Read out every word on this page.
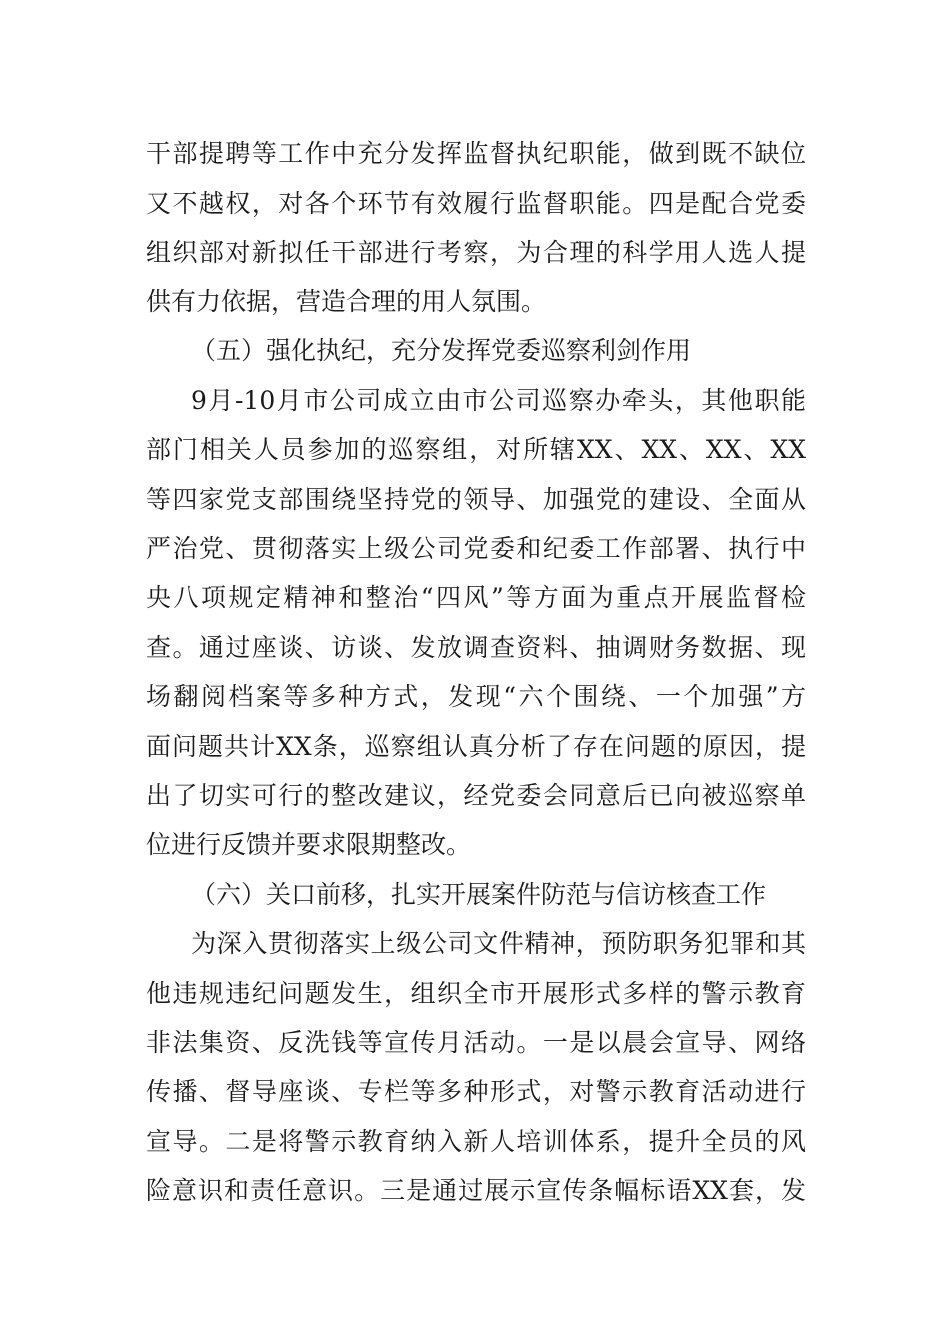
干部提聘等工作中充分发挥监督执纪职能，做到既不缺位
又不越权，对各个环节有效履行监督职能。四是配合党委
组织部对新拟任干部进行考察，为合理的科学用人选人提
供有力依据，营造合理的用人氛围。
（五）强化执纪，充分发挥党委巡察利剑作用
9月-10月市公司成立由市公司巡察办牵头，其他职能
部门相关人员参加的巡察组，对所辖XX、XX、XX、XX
等四家党支部围绕坚持党的领导、加强党的建设、全面从
严治党、贯彻落实上级公司党委和纪委工作部署、执行中
央八项规定精神和整治“四风”等方面为重点开展监督检
查。通过座谈、访谈、发放调查资料、抽调财务数据、现
场翻阅档案等多种方式，发现“六个围绕、一个加强”方
面问题共计XX条，巡察组认真分析了存在问题的原因，提
出了切实可行的整改建议，经党委会同意后已向被巡察单
位进行反馈并要求限期整改。
（六）关口前移，扎实开展案件防范与信访核查工作
为深入贯彻落实上级公司文件精神，预防职务犯罪和其
他违规违纪问题发生，组织全市开展形式多样的警示教育
非法集资、反洗钱等宣传月活动。一是以晨会宣导、网络
传播、督导座谈、专栏等多种形式，对警示教育活动进行
宣导。二是将警示教育纳入新人培训体系，提升全员的风
险意识和责任意识。三是通过展示宣传条幅标语XX套，发
